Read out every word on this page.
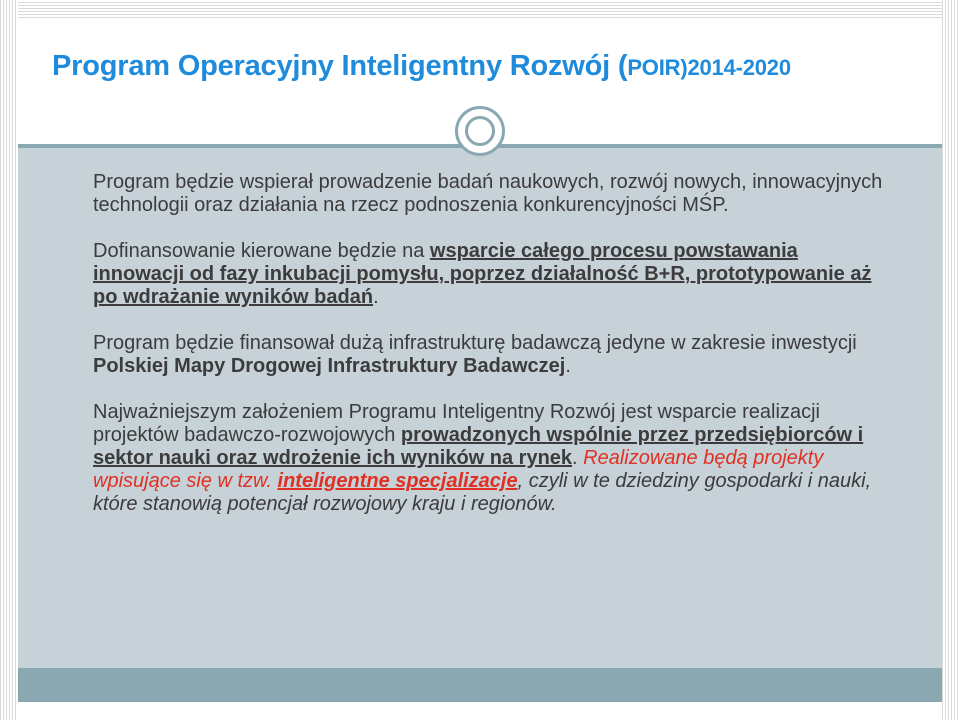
Program Operacyjny Inteligentny Rozwój (POIR)2014-2020

Program będzie wspierał prowadzenie badań naukowych, rozwój nowych, innowacyjnych technologii oraz działania na rzecz podnoszenia konkurencyjności MŚP.

Dofinansowanie kierowane będzie na wsparcie całego procesu powstawania innowacji od fazy inkubacji pomysłu, poprzez działalność B+R, prototypowanie aż po wdrażanie wyników badań.

Program będzie finansował dużą infrastrukturę badawczą jedyne w zakresie inwestycji Polskiej Mapy Drogowej Infrastruktury Badawczej.

Najważniejszym założeniem Programu Inteligentny Rozwój jest wsparcie realizacji projektów badawczo-rozwojowych prowadzonych wspólnie przez przedsiębiorców i sektor nauki oraz wdrożenie ich wyników na rynek. Realizowane będą projekty wpisujące się w tzw. inteligentne specjalizacje, czyli w te dziedziny gospodarki i nauki, które stanowią potencjał rozwojowy kraju i regionów.
